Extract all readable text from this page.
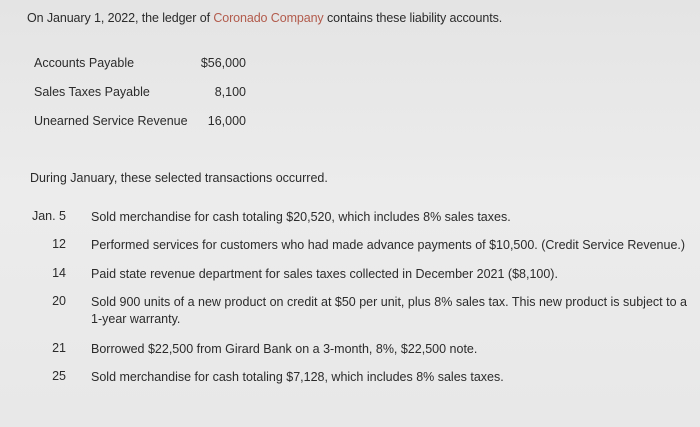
On January 1, 2022, the ledger of Coronado Company contains these liability accounts.
Accounts Payable	$56,000
Sales Taxes Payable	8,100
Unearned Service Revenue 16,000
During January, these selected transactions occurred.
Jan. 5 Sold merchandise for cash totaling $20,520, which includes 8% sales taxes.
12 Performed services for customers who had made advance payments of $10,500. (Credit Service Revenue.)
14 Paid state revenue department for sales taxes collected in December 2021 ($8,100).
20 Sold 900 units of a new product on credit at $50 per unit, plus 8% sales tax. This new product is subject to a 1-year warranty.
21 Borrowed $22,500 from Girard Bank on a 3-month, 8%, $22,500 note.
25 Sold merchandise for cash totaling $7,128, which includes 8% sales taxes.
